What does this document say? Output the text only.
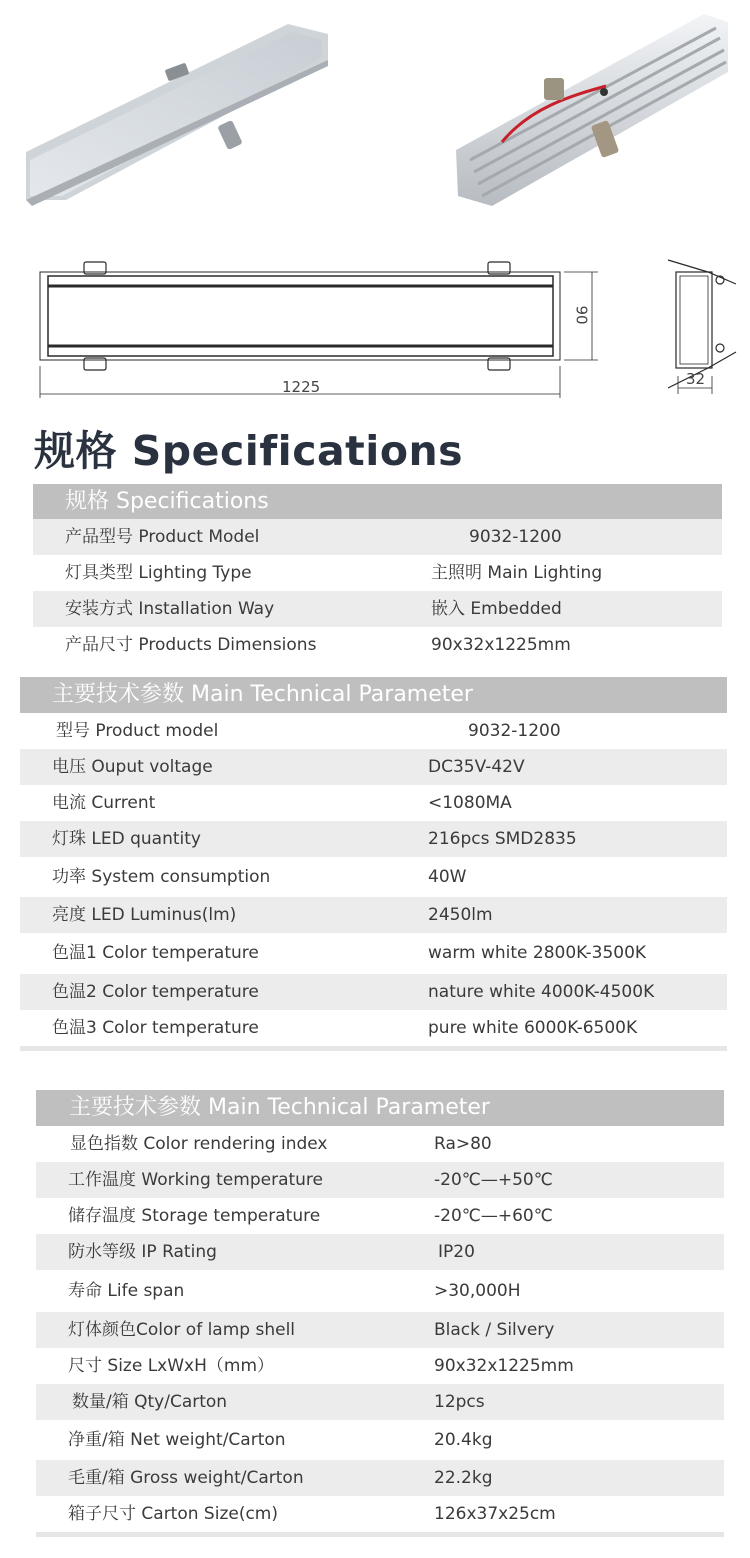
1225
90
32
规格 Specifications
规格 Specifications
产品型号 Product Model	9032-1200
灯具类型 Lighting Type	主照明 Main Lighting
安装方式 Installation Way	嵌入 Embedded
产品尺寸 Products Dimensions	90x32x1225mm
主要技术参数 Main Technical Parameter
型号 Product model	9032-1200
电压 Ouput voltage	DC35V-42V
电流 Current	<1080MA
灯珠 LED quantity	216pcs SMD2835
功率 System consumption	40W
亮度 LED Luminus(lm)	2450lm
色温1 Color temperature	warm white 2800K-3500K
色温2 Color temperature	nature white 4000K-4500K
色温3 Color temperature	pure white 6000K-6500K
主要技术参数 Main Technical Parameter
显色指数 Color rendering index	Ra>80
工作温度 Working temperature	-20℃—+50℃
储存温度 Storage temperature	-20℃—+60℃
防水等级 IP Rating	IP20
寿命 Life span	>30,000H
灯体颜色Color of lamp shell	Black / Silvery
尺寸 Size LxWxH（mm）	90x32x1225mm
数量/箱 Qty/Carton	12pcs
净重/箱 Net weight/Carton	20.4kg
毛重/箱 Gross weight/Carton	22.2kg
箱子尺寸 Carton Size(cm)	126x37x25cm
